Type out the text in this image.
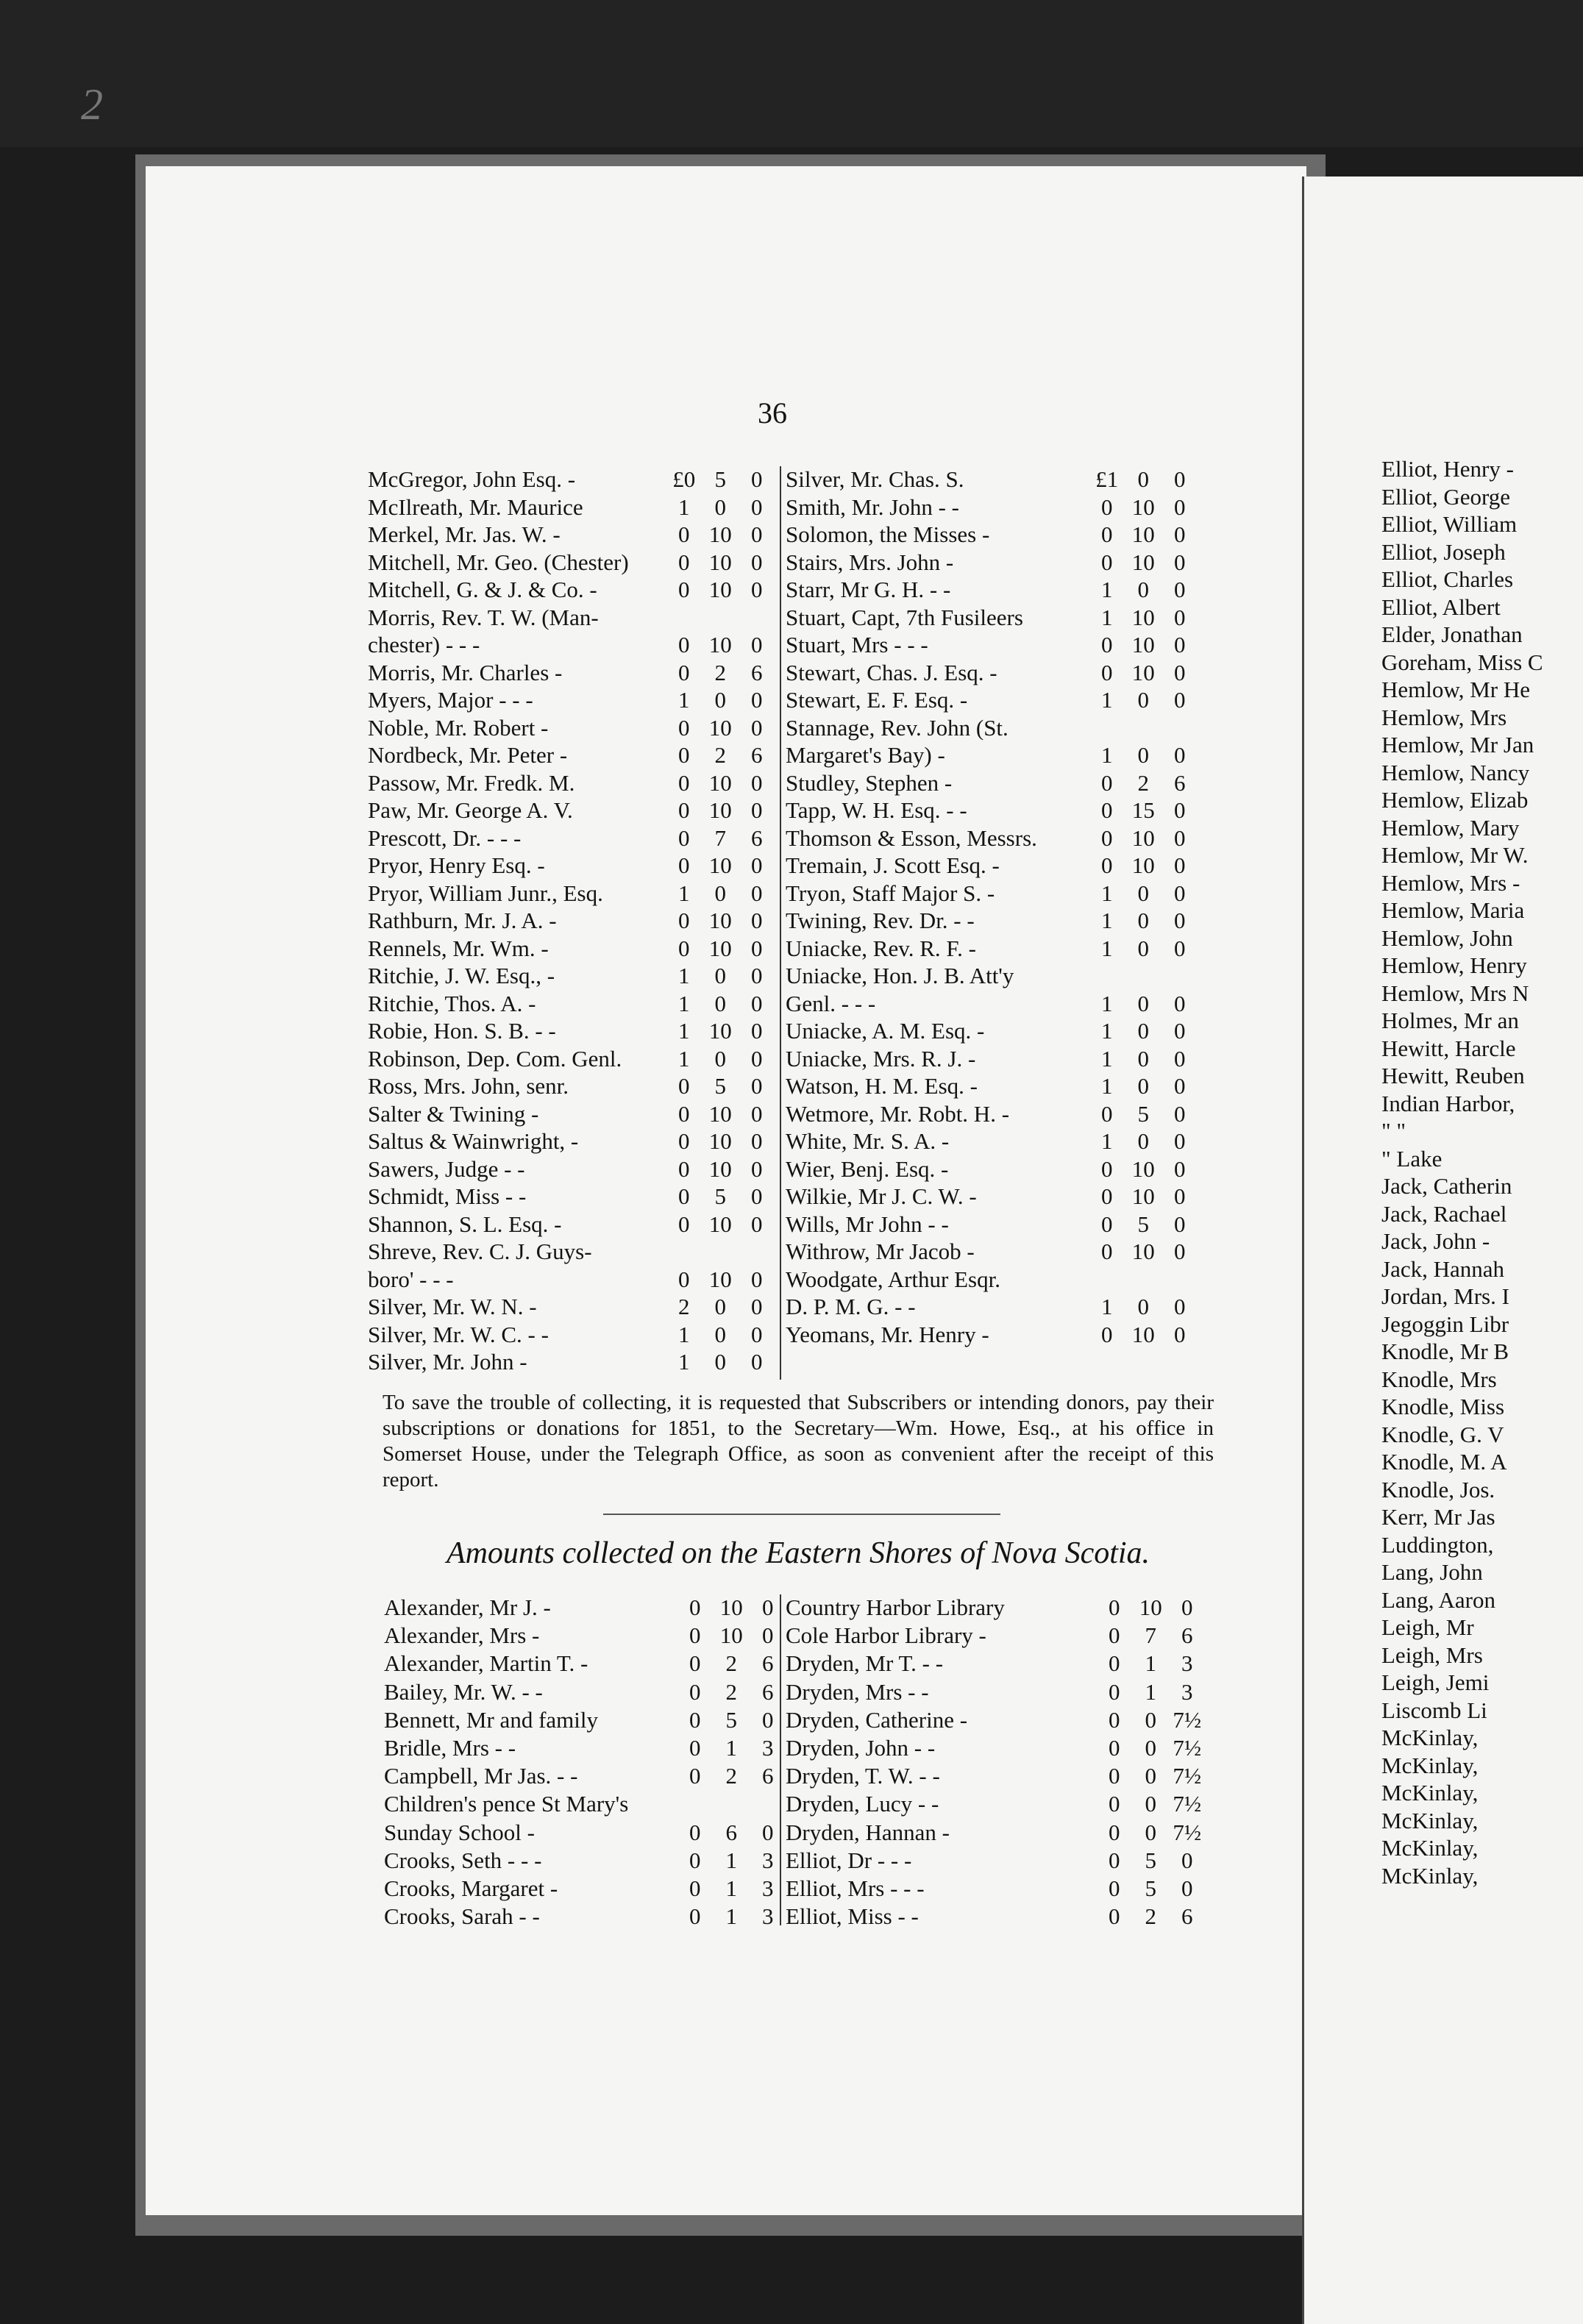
2
36
McGregor, John Esq. -	£0 5 0
McIlreath, Mr. Maurice	1 0 0
Merkel, Mr. Jas. W. -	0 10 0
Mitchell, Mr. Geo. (Chester)	0 10 0
Mitchell, G. & J. & Co. -	0 10 0
Morris, Rev. T. W. (Man-
chester) - - -	0 10 0
Morris, Mr. Charles -	0 2 6
Myers, Major - - -	1 0 0
Noble, Mr. Robert -	0 10 0
Nordbeck, Mr. Peter -	0 2 6
Passow, Mr. Fredk. M.	0 10 0
Paw, Mr. George A. V.	0 10 0
Prescott, Dr. - - -	0 7 6
Pryor, Henry Esq. -	0 10 0
Pryor, William Junr., Esq.	1 0 0
Rathburn, Mr. J. A. -	0 10 0
Rennels, Mr. Wm. -	0 10 0
Ritchie, J. W. Esq., -	1 0 0
Ritchie, Thos. A. -	1 0 0
Robie, Hon. S. B. - -	1 10 0
Robinson, Dep. Com. Genl.	1 0 0
Ross, Mrs. John, senr.	0 5 0
Salter & Twining -	0 10 0
Saltus & Wainwright, -	0 10 0
Sawers, Judge - -	0 10 0
Schmidt, Miss - -	0 5 0
Shannon, S. L. Esq. -	0 10 0
Shreve, Rev. C. J. Guys-
boro' - - -	0 10 0
Silver, Mr. W. N. -	2 0 0
Silver, Mr. W. C. - -	1 0 0
Silver, Mr. John -	1 0 0
Silver, Mr. Chas. S.	£1 0 0
Smith, Mr. John - -	0 10 0
Solomon, the Misses -	0 10 0
Stairs, Mrs. John -	0 10 0
Starr, Mr G. H. - -	1 0 0
Stuart, Capt, 7th Fusileers	1 10 0
Stuart, Mrs - - -	0 10 0
Stewart, Chas. J. Esq. -	0 10 0
Stewart, E. F. Esq. -	1 0 0
Stannage, Rev. John (St.
Margaret's Bay) -	1 0 0
Studley, Stephen -	0 2 6
Tapp, W. H. Esq. - -	0 15 0
Thomson & Esson, Messrs.	0 10 0
Tremain, J. Scott Esq. -	0 10 0
Tryon, Staff Major S. -	1 0 0
Twining, Rev. Dr. - -	1 0 0
Uniacke, Rev. R. F. -	1 0 0
Uniacke, Hon. J. B. Att'y
Genl. - - -	1 0 0
Uniacke, A. M. Esq. -	1 0 0
Uniacke, Mrs. R. J. -	1 0 0
Watson, H. M. Esq. -	1 0 0
Wetmore, Mr. Robt. H. -	0 5 0
White, Mr. S. A. -	1 0 0
Wier, Benj. Esq. -	0 10 0
Wilkie, Mr J. C. W. -	0 10 0
Wills, Mr John - -	0 5 0
Withrow, Mr Jacob -	0 10 0
Woodgate, Arthur Esqr.
D. P. M. G. - -	1 0 0
Yeomans, Mr. Henry -	0 10 0
To save the trouble of collecting, it is requested that Subscribers or intending donors, pay their subscriptions or donations for 1851, to the Secretary—Wm. Howe, Esq., at his office in Somerset House, under the Telegraph Office, as soon as convenient after the receipt of this report.
Amounts collected on the Eastern Shores of Nova Scotia.
Alexander, Mr J. -	0 10 0
Alexander, Mrs -	0 10 0
Alexander, Martin T. -	0 2 6
Bailey, Mr. W. - -	0 2 6
Bennett, Mr and family	0 5 0
Bridle, Mrs - -	0 1 3
Campbell, Mr Jas. - -	0 2 6
Children's pence St Mary's
Sunday School -	0 6 0
Crooks, Seth - - -	0 1 3
Crooks, Margaret -	0 1 3
Crooks, Sarah - -	0 1 3
Country Harbor Library	0 10 0
Cole Harbor Library -	0 7 6
Dryden, Mr T. - -	0 1 3
Dryden, Mrs - -	0 1 3
Dryden, Catherine -	0 0 7½
Dryden, John - -	0 0 7½
Dryden, T. W. - -	0 0 7½
Dryden, Lucy - -	0 0 7½
Dryden, Hannan -	0 0 7½
Elliot, Dr - - -	0 5 0
Elliot, Mrs - - -	0 5 0
Elliot, Miss - -	0 2 6
Elliot, Henry -
Elliot, George
Elliot, William
Elliot, Joseph
Elliot, Charles
Elliot, Albert
Elder, Jonathan
Goreham, Miss C
Hemlow, Mr He
Hemlow, Mrs
Hemlow, Mr Jan
Hemlow, Nancy
Hemlow, Elizab
Hemlow, Mary
Hemlow, Mr W.
Hemlow, Mrs -
Hemlow, Maria
Hemlow, John
Hemlow, Henry
Hemlow, Mrs N
Holmes, Mr an
Hewitt, Harcle
Hewitt, Reuben
Indian Harbor,
" "
" Lake
Jack, Catherin
Jack, Rachael
Jack, John -
Jack, Hannah
Jordan, Mrs. I
Jegoggin Libr
Knodle, Mr B
Knodle, Mrs
Knodle, Miss
Knodle, G. V
Knodle, M. A
Knodle, Jos.
Kerr, Mr Jas
Luddington,
Lang, John
Lang, Aaron
Leigh, Mr
Leigh, Mrs
Leigh, Jemi
Liscomb Li
McKinlay,
McKinlay,
McKinlay,
McKinlay,
McKinlay,
McKinlay,
